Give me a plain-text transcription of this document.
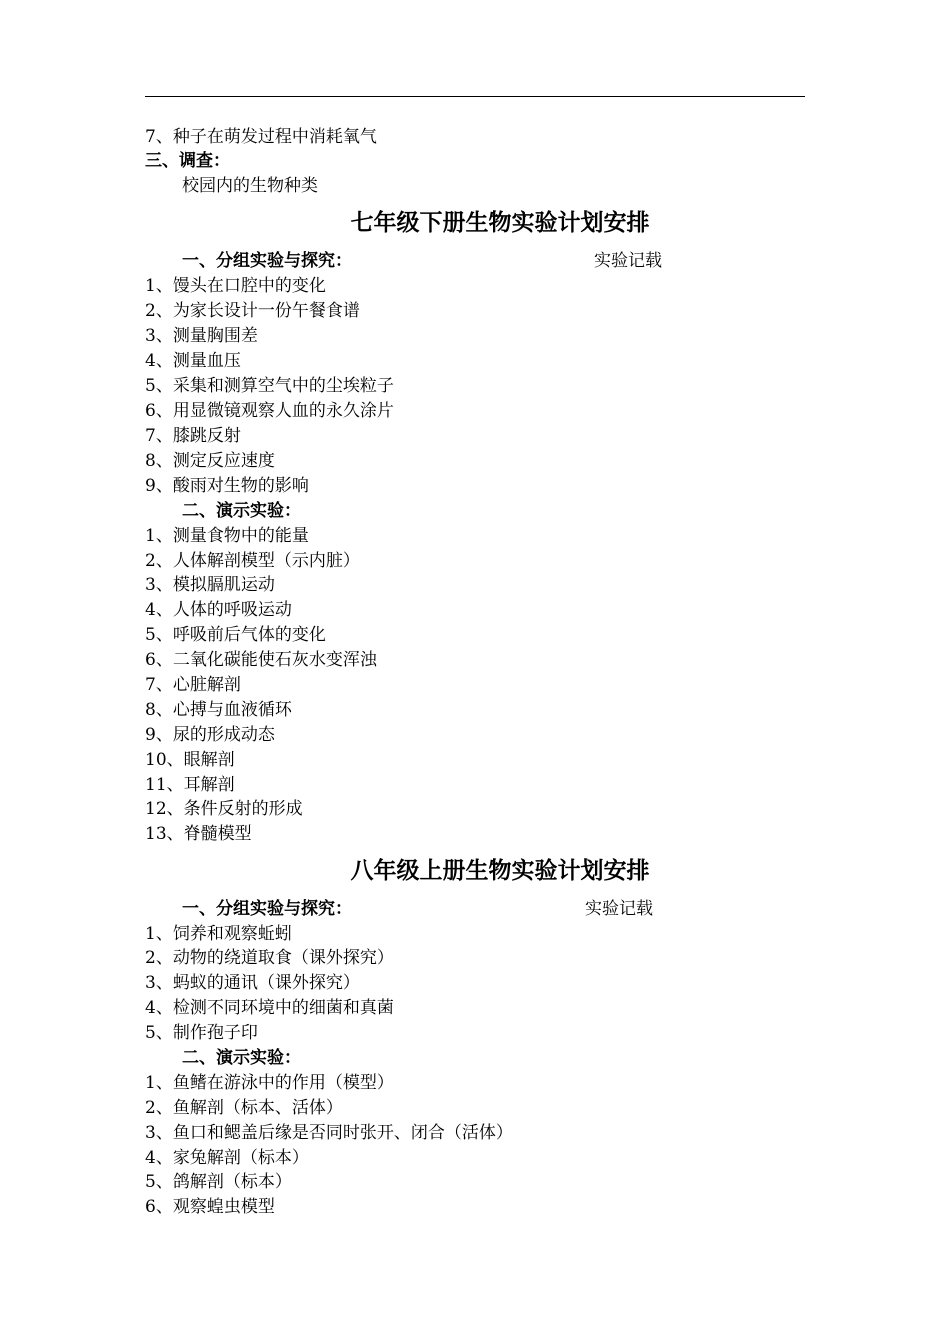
7、种子在萌发过程中消耗氧气
三、调查：
校园内的生物种类
七年级下册生物实验计划安排
一、分组实验与探究：	实验记载
1、馒头在口腔中的变化
2、为家长设计一份午餐食谱
3、测量胸围差
4、测量血压
5、采集和测算空气中的尘埃粒子
6、用显微镜观察人血的永久涂片
7、膝跳反射
8、测定反应速度
9、酸雨对生物的影响
二、演示实验：
1、测量食物中的能量
2、人体解剖模型（示内脏）
3、模拟膈肌运动
4、人体的呼吸运动
5、呼吸前后气体的变化
6、二氧化碳能使石灰水变浑浊
7、心脏解剖
8、心搏与血液循环
9、尿的形成动态
10、眼解剖
11、耳解剖
12、条件反射的形成
13、脊髓模型
八年级上册生物实验计划安排
一、分组实验与探究：	实验记载
1、饲养和观察蚯蚓
2、动物的绕道取食（课外探究）
3、蚂蚁的通讯（课外探究）
4、检测不同环境中的细菌和真菌
5、制作孢子印
二、演示实验：
1、鱼鳍在游泳中的作用（模型）
2、鱼解剖（标本、活体）
3、鱼口和鳃盖后缘是否同时张开、闭合（活体）
4、家兔解剖（标本）
5、鸽解剖（标本）
6、观察蝗虫模型
